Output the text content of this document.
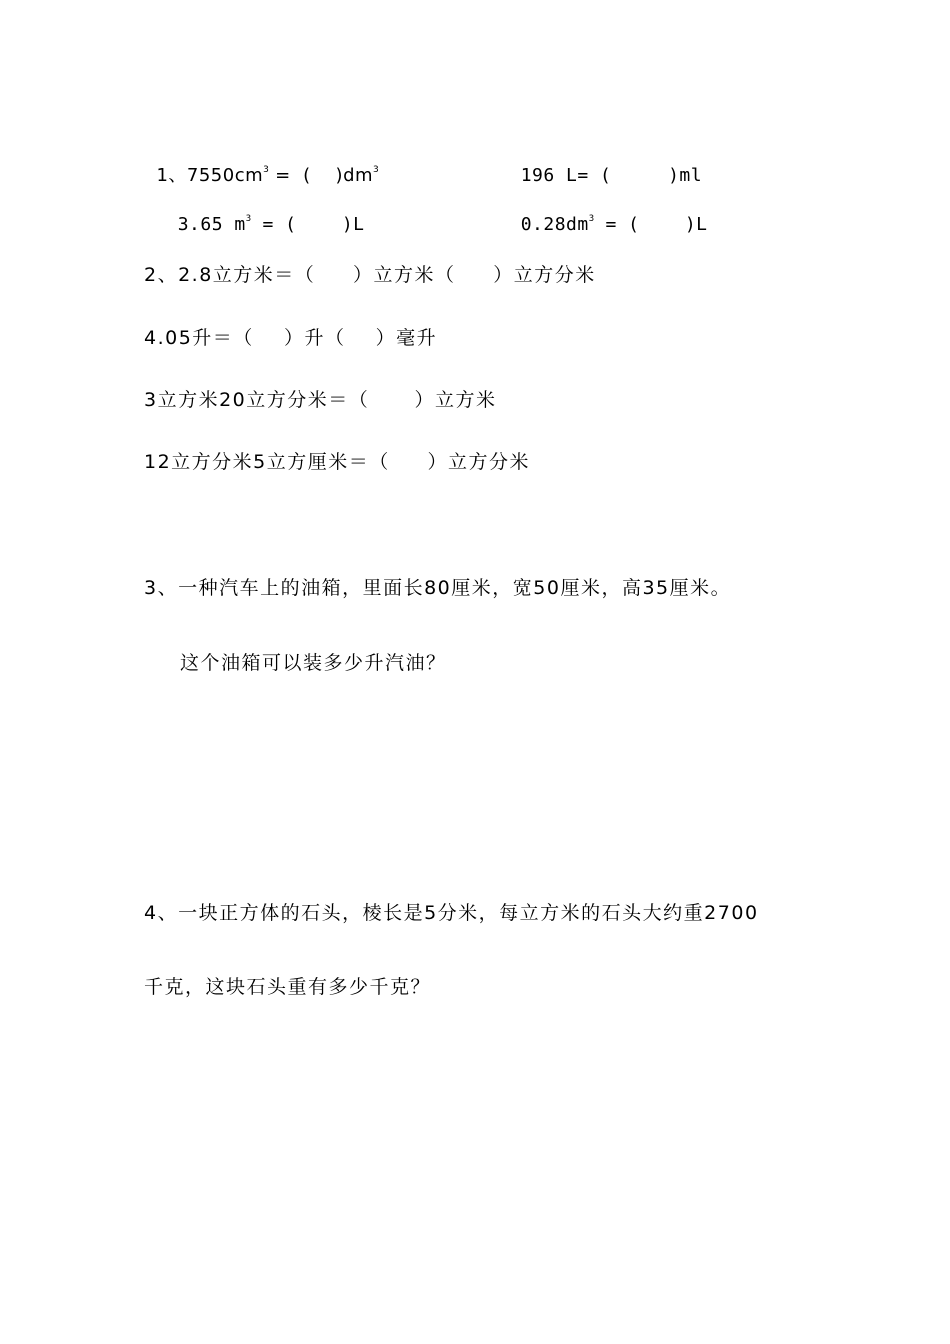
1、$7550cm^3$ =  (    )$dm^3$	196 L= (     )ml

3.65 $m^3$ = (    )L	$0.28dm^3$ = (    )L

2、2.8立方米＝（     ）立方米（     ）立方分米
4.05升＝（    ）升（    ）毫升
3立方米20立方分米＝（      ）立方米
12立方分米5立方厘米＝（     ）立方分米
3、一种汽车上的油箱，里面长80厘米，宽50厘米，高35厘米。
这个油箱可以装多少升汽油？
4、一块正方体的石头，棱长是5分米，每立方米的石头大约重2700
千克，这块石头重有多少千克？
